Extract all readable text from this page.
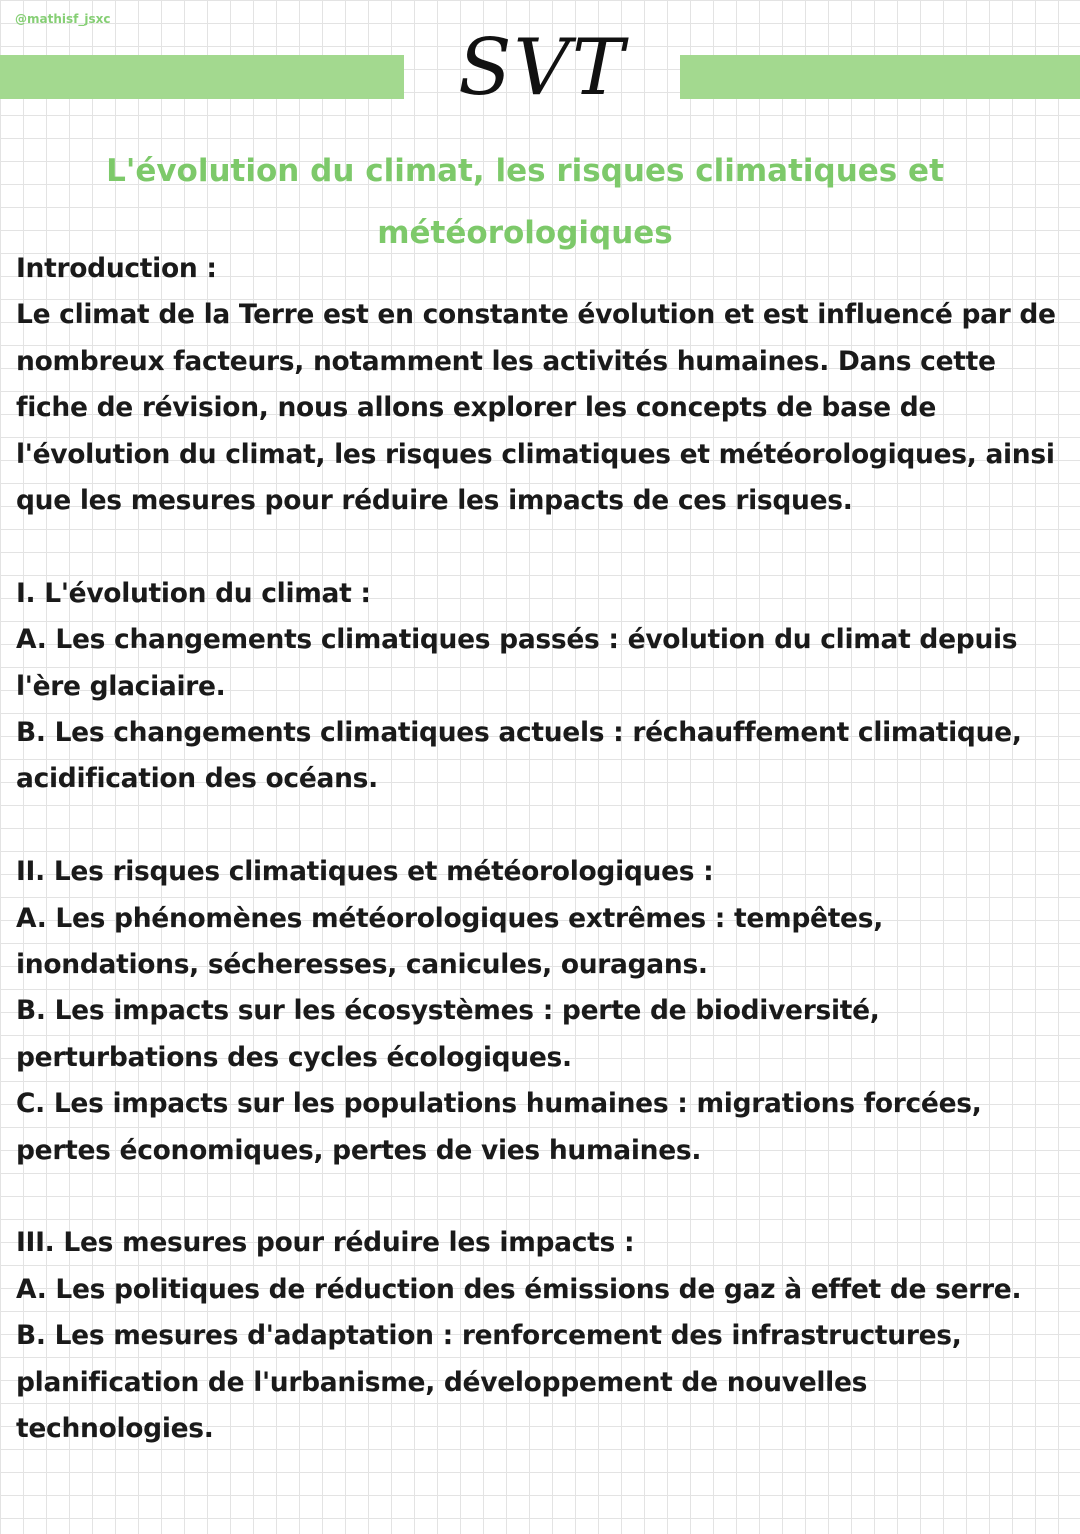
@mathisf_jsxc
SVT
L'évolution du climat, les risques climatiques et météorologiques

Introduction :

Le climat de la Terre est en constante évolution et est influencé par de nombreux facteurs, notamment les activités humaines. Dans cette fiche de révision, nous allons explorer les concepts de base de l'évolution du climat, les risques climatiques et météorologiques, ainsi que les mesures pour réduire les impacts de ces risques.

I. L'évolution du climat :

A. Les changements climatiques passés : évolution du climat depuis l'ère glaciaire.

B. Les changements climatiques actuels : réchauffement climatique, acidification des océans.

II. Les risques climatiques et météorologiques :

A. Les phénomènes météorologiques extrêmes : tempêtes, inondations, sécheresses, canicules, ouragans.

B. Les impacts sur les écosystèmes : perte de biodiversité, perturbations des cycles écologiques.

C. Les impacts sur les populations humaines : migrations forcées, pertes économiques, pertes de vies humaines.

III. Les mesures pour réduire les impacts :

A. Les politiques de réduction des émissions de gaz à effet de serre.

B. Les mesures d'adaptation : renforcement des infrastructures, planification de l'urbanisme, développement de nouvelles technologies.
